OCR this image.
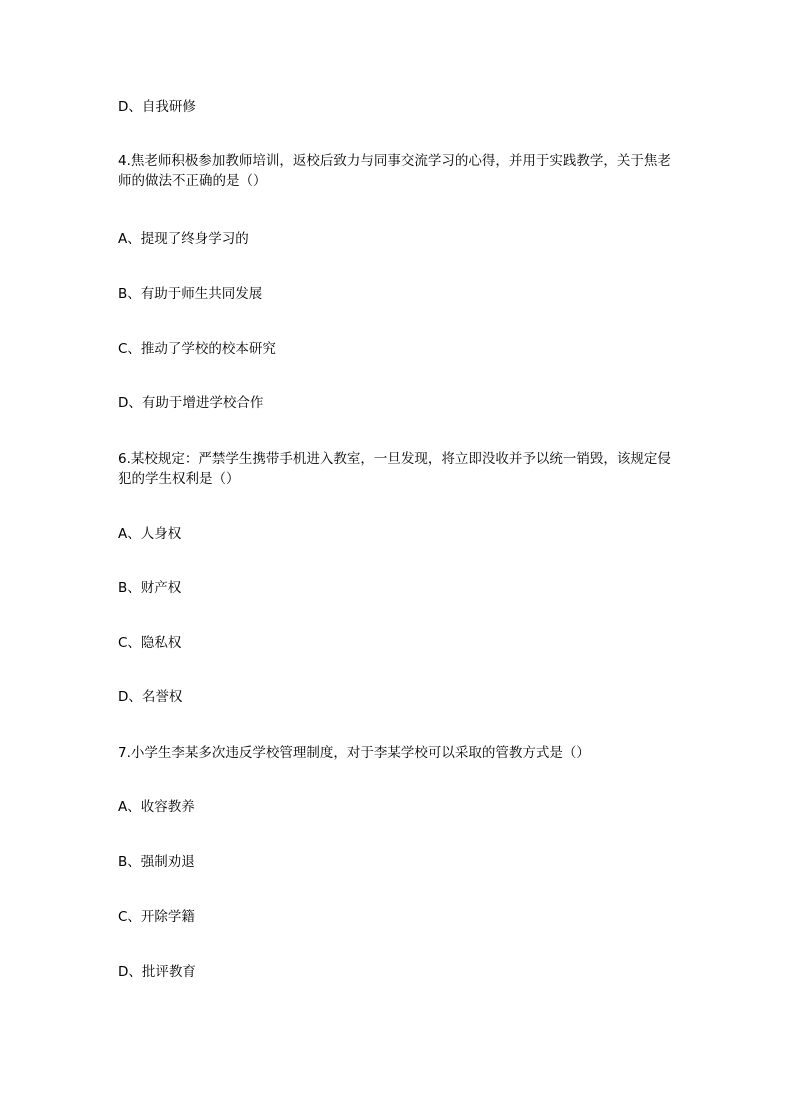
D、自我研修
4.焦老师积极参加教师培训，返校后致力与同事交流学习的心得，并用于实践教学，关于焦老师的做法不正确的是（）
A、提现了终身学习的
B、有助于师生共同发展
C、推动了学校的校本研究
D、有助于增进学校合作
6.某校规定：严禁学生携带手机进入教室，一旦发现，将立即没收并予以统一销毁，该规定侵犯的学生权利是（）
A、人身权
B、财产权
C、隐私权
D、名誉权
7.小学生李某多次违反学校管理制度，对于李某学校可以采取的管教方式是（）
A、收容教养
B、强制劝退
C、开除学籍
D、批评教育
